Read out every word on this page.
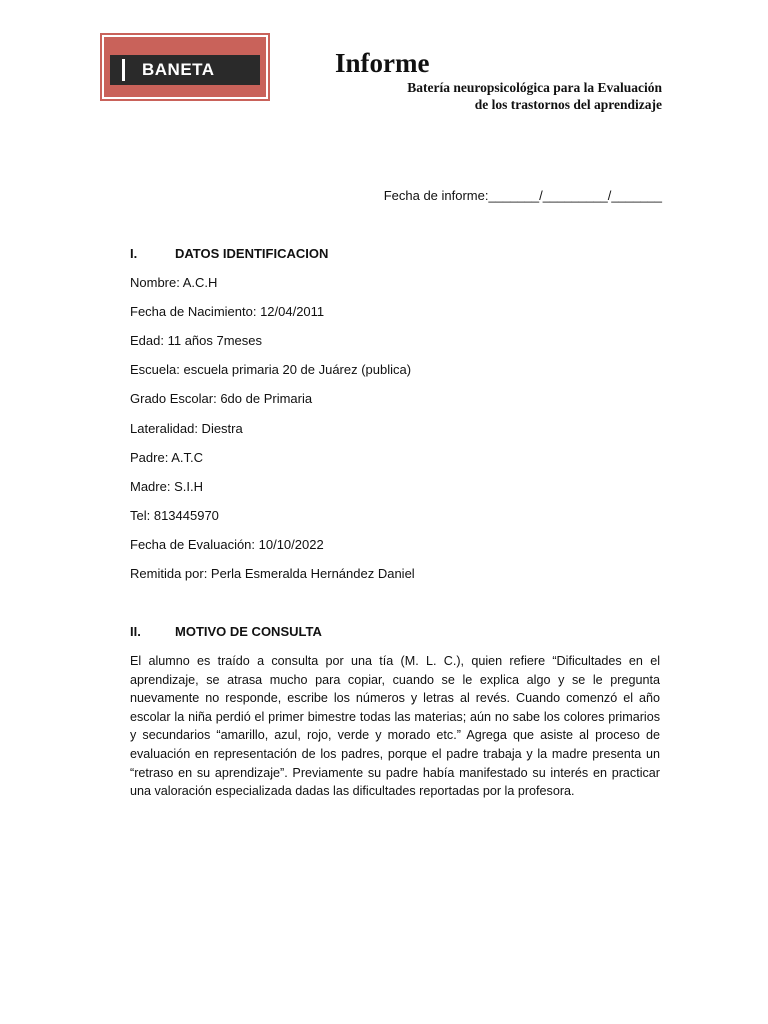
BANETA	Informe
Batería neuropsicológica para la Evaluación
de los trastornos del aprendizaje
Fecha de informe:_______/_________/_______
I.	DATOS IDENTIFICACION
Nombre: A.C.H
Fecha de Nacimiento: 12/04/2011
Edad: 11 años 7meses
Escuela: escuela primaria 20 de Juárez (publica)
Grado Escolar: 6do de Primaria
Lateralidad: Diestra
Padre: A.T.C
Madre: S.I.H
Tel: 813445970
Fecha de Evaluación: 10/10/2022
Remitida por: Perla Esmeralda Hernández Daniel
II.	MOTIVO DE CONSULTA
El alumno es traído a consulta por una tía (M. L. C.), quien refiere “Dificultades en el aprendizaje, se atrasa mucho para copiar, cuando se le explica algo y se le pregunta nuevamente no responde, escribe los números y letras al revés. Cuando comenzó el año escolar la niña perdió el primer bimestre todas las materias; aún no sabe los colores primarios y secundarios “amarillo, azul, rojo, verde y morado etc.” Agrega que asiste al proceso de evaluación en representación de los padres, porque el padre trabaja y la madre presenta un “retraso en su aprendizaje”. Previamente su padre había manifestado su interés en practicar una valoración especializada dadas las dificultades reportadas por la profesora.
